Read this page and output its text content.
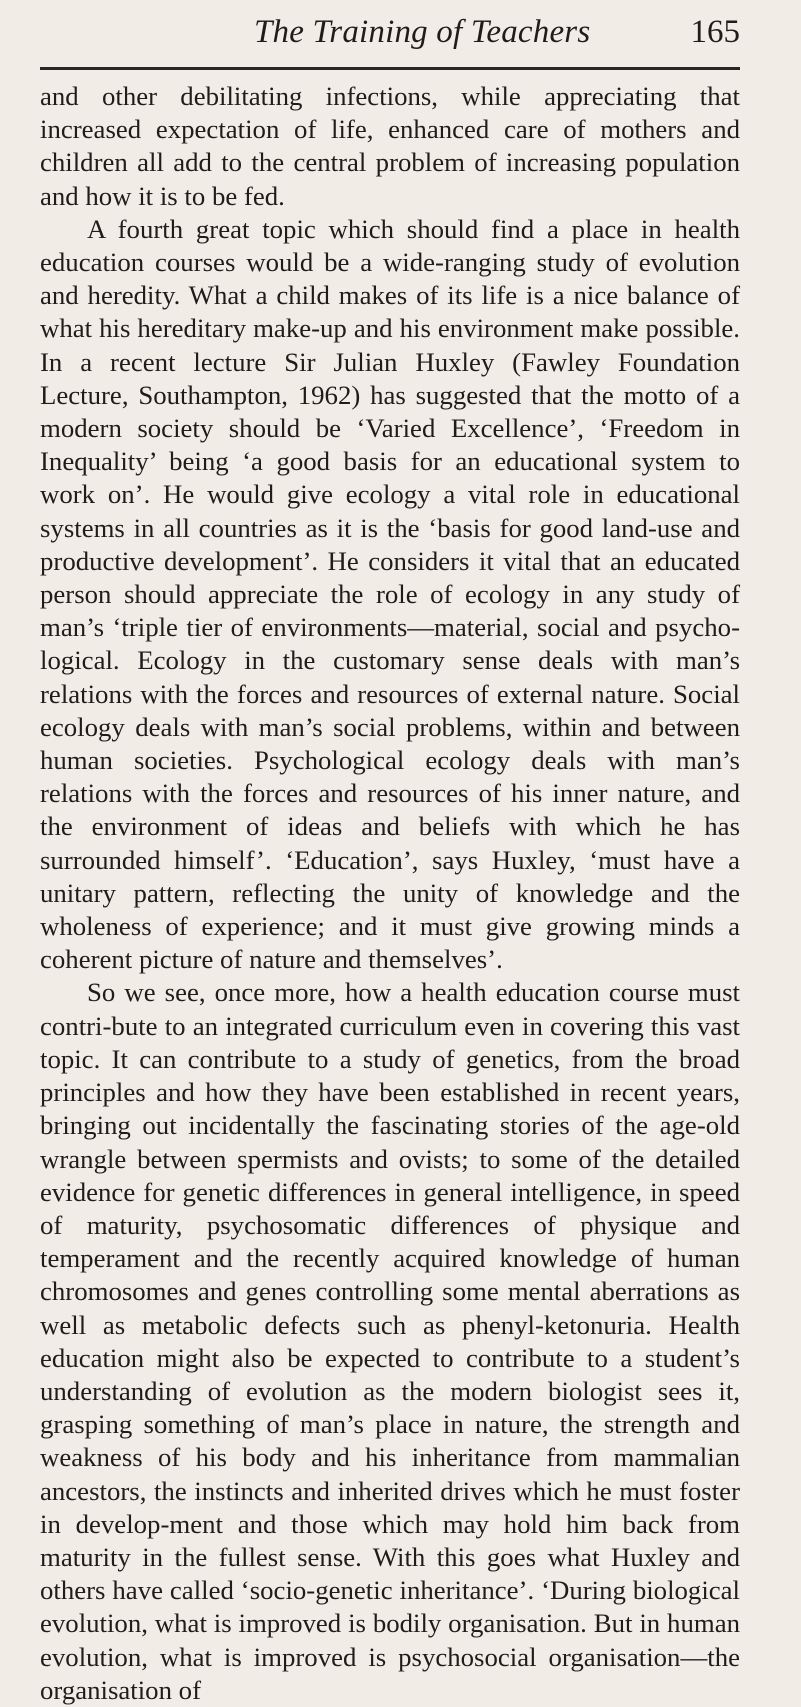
The Training of Teachers	165

and other debilitating infections, while appreciating that increased expectation of life, enhanced care of mothers and children all add to the central problem of increasing population and how it is to be fed.

A fourth great topic which should find a place in health education courses would be a wide-ranging study of evolution and heredity. What a child makes of its life is a nice balance of what his hereditary make-up and his environment make possible. In a recent lecture Sir Julian Huxley (Fawley Foundation Lecture, Southampton, 1962) has suggested that the motto of a modern society should be ‘Varied Excellence’, ‘Freedom in Inequality’ being ‘a good basis for an educational system to work on’. He would give ecology a vital role in educational systems in all countries as it is the ‘basis for good land-use and productive development’. He considers it vital that an educated person should appreciate the role of ecology in any study of man’s ‘triple tier of environments—material, social and psycho-logical. Ecology in the customary sense deals with man’s relations with the forces and resources of external nature. Social ecology deals with man’s social problems, within and between human societies. Psychological ecology deals with man’s relations with the forces and resources of his inner nature, and the environment of ideas and beliefs with which he has surrounded himself’. ‘Education’, says Huxley, ‘must have a unitary pattern, reflecting the unity of knowledge and the wholeness of experience; and it must give growing minds a coherent picture of nature and themselves’.

So we see, once more, how a health education course must contri-bute to an integrated curriculum even in covering this vast topic. It can contribute to a study of genetics, from the broad principles and how they have been established in recent years, bringing out incidentally the fascinating stories of the age-old wrangle between spermists and ovists; to some of the detailed evidence for genetic differences in general intelligence, in speed of maturity, psychosomatic differences of physique and temperament and the recently acquired knowledge of human chromosomes and genes controlling some mental aberrations as well as metabolic defects such as phenyl-ketonuria. Health education might also be expected to contribute to a student’s understanding of evolution as the modern biologist sees it, grasping something of man’s place in nature, the strength and weakness of his body and his inheritance from mammalian ancestors, the instincts and inherited drives which he must foster in develop-ment and those which may hold him back from maturity in the fullest sense. With this goes what Huxley and others have called ‘socio-genetic inheritance’. ‘During biological evolution, what is improved is bodily organisation. But in human evolution, what is improved is psychosocial organisation—the organisation of
